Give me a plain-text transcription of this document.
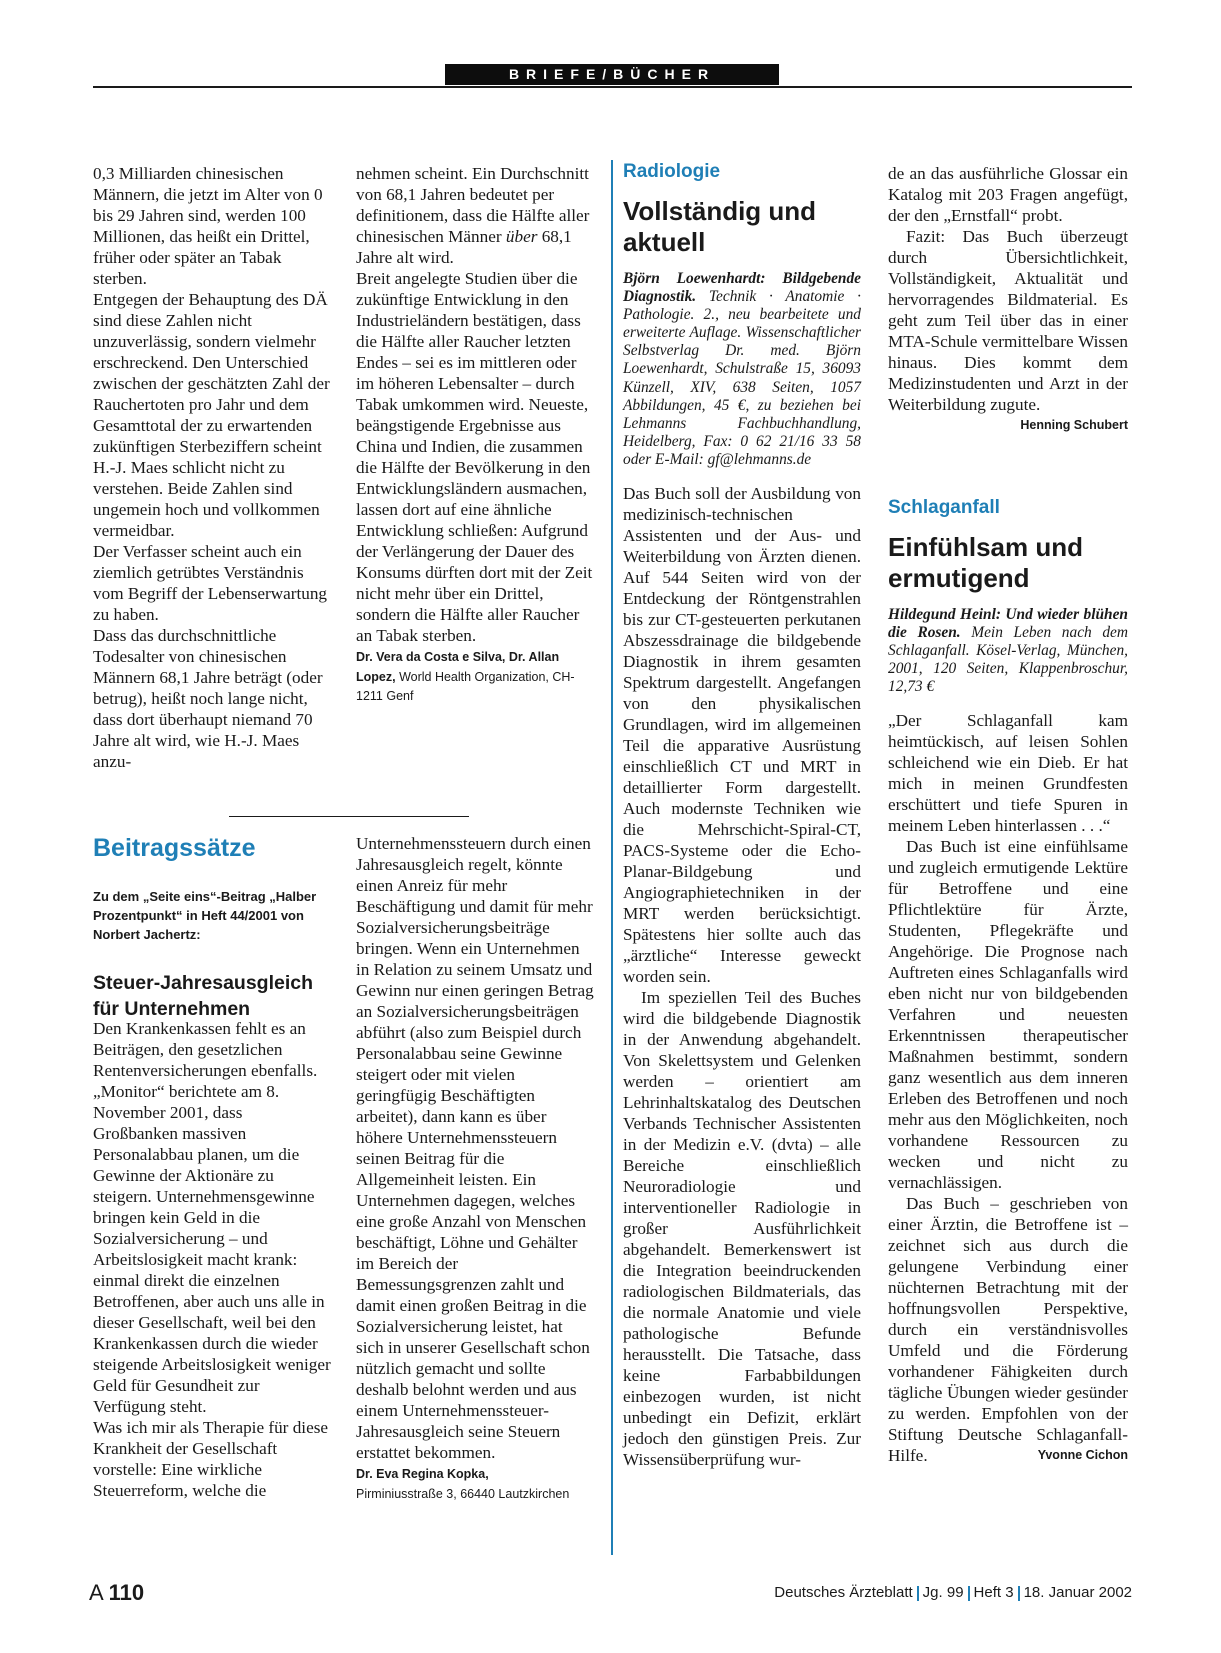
BRIEFE/BÜCHER

0,3 Milliarden chinesischen Männern, die jetzt im Alter von 0 bis 29 Jahren sind, werden 100 Millionen, das heißt ein Drittel, früher oder später an Tabak sterben.

Entgegen der Behauptung des DÄ sind diese Zahlen nicht unzuverlässig, sondern vielmehr erschreckend. Den Unterschied zwischen der geschätzten Zahl der Rauchertoten pro Jahr und dem Gesamttotal der zu erwartenden zukünftigen Sterbeziffern scheint H.-J. Maes schlicht nicht zu verstehen. Beide Zahlen sind ungemein hoch und vollkommen vermeidbar.

Der Verfasser scheint auch ein ziemlich getrübtes Verständnis vom Begriff der Lebenserwartung zu haben.

Dass das durchschnittliche Todesalter von chinesischen Männern 68,1 Jahre beträgt (oder betrug), heißt noch lange nicht, dass dort überhaupt niemand 70 Jahre alt wird, wie H.-J. Maes anzu-

nehmen scheint. Ein Durchschnitt von 68,1 Jahren bedeutet per definitionem, dass die Hälfte aller chinesischen Männer über 68,1 Jahre alt wird.

Breit angelegte Studien über die zukünftige Entwicklung in den Industrieländern bestätigen, dass die Hälfte aller Raucher letzten Endes – sei es im mittleren oder im höheren Lebensalter – durch Tabak umkommen wird. Neueste, beängstigende Ergebnisse aus China und Indien, die zusammen die Hälfte der Bevölkerung in den Entwicklungsländern ausmachen, lassen dort auf eine ähnliche Entwicklung schließen: Aufgrund der Verlängerung der Dauer des Konsums dürften dort mit der Zeit nicht mehr über ein Drittel, sondern die Hälfte aller Raucher an Tabak sterben.

Dr. Vera da Costa e Silva, Dr. Allan Lopez, World Health Organization, CH-1211 Genf
Beitragssätze
Zu dem „Seite eins“-Beitrag „Halber Prozentpunkt“ in Heft 44/2001 von Norbert Jachertz:
Steuer-Jahresausgleich für Unternehmen

Den Krankenkassen fehlt es an Beiträgen, den gesetzlichen Rentenversicherungen ebenfalls. „Monitor“ berichtete am 8. November 2001, dass Großbanken massiven Personalabbau planen, um die Gewinne der Aktionäre zu steigern. Unternehmensgewinne bringen kein Geld in die Sozialversicherung – und Arbeitslosigkeit macht krank: einmal direkt die einzelnen Betroffenen, aber auch uns alle in dieser Gesellschaft, weil bei den Krankenkassen durch die wieder steigende Arbeitslosigkeit weniger Geld für Gesundheit zur Verfügung steht.

Was ich mir als Therapie für diese Krankheit der Gesellschaft vorstelle: Eine wirkliche Steuerreform, welche die

Unternehmenssteuern durch einen Jahresausgleich regelt, könnte einen Anreiz für mehr Beschäftigung und damit für mehr Sozialversicherungsbeiträge bringen. Wenn ein Unternehmen in Relation zu seinem Umsatz und Gewinn nur einen geringen Betrag an Sozialversicherungsbeiträgen abführt (also zum Beispiel durch Personalabbau seine Gewinne steigert oder mit vielen geringfügig Beschäftigten arbeitet), dann kann es über höhere Unternehmenssteuern seinen Beitrag für die Allgemeinheit leisten. Ein Unternehmen dagegen, welches eine große Anzahl von Menschen beschäftigt, Löhne und Gehälter im Bereich der Bemessungsgrenzen zahlt und damit einen großen Beitrag in die Sozialversicherung leistet, hat sich in unserer Gesellschaft schon nützlich gemacht und sollte deshalb belohnt werden und aus einem Unternehmenssteuer-Jahresausgleich seine Steuern erstattet bekommen.

Dr. Eva Regina Kopka,
Pirminiusstraße 3, 66440 Lautzkirchen
Radiologie
Vollständig und aktuell
Björn Loewenhardt: Bildgebende Diagnostik. Technik · Anatomie · Pathologie. 2., neu bearbeitete und erweiterte Auflage. Wissenschaftlicher Selbstverlag Dr. med. Björn Loewenhardt, Schulstraße 15, 36093 Künzell, XIV, 638 Seiten, 1057 Abbildungen, 45 €, zu beziehen bei Lehmanns Fachbuchhandlung, Heidelberg, Fax: 0 62 21/16 33 58 oder E-Mail: gf@lehmanns.de

Das Buch soll der Ausbildung von medizinisch-technischen Assistenten und der Aus- und Weiterbildung von Ärzten dienen. Auf 544 Seiten wird von der Entdeckung der Röntgenstrahlen bis zur CT-gesteuerten perkutanen Abszessdrainage die bildgebende Diagnostik in ihrem gesamten Spektrum dargestellt. Angefangen von den physikalischen Grundlagen, wird im allgemeinen Teil die apparative Ausrüstung einschließlich CT und MRT in detaillierter Form dargestellt. Auch modernste Techniken wie die Mehrschicht-Spiral-CT, PACS-Systeme oder die Echo-Planar-Bildgebung und Angiographietechniken in der MRT werden berücksichtigt. Spätestens hier sollte auch das „ärztliche“ Interesse geweckt worden sein.

Im speziellen Teil des Buches wird die bildgebende Diagnostik in der Anwendung abgehandelt. Von Skelettsystem und Gelenken werden – orientiert am Lehrinhaltskatalog des Deutschen Verbands Technischer Assistenten in der Medizin e.V. (dvta) – alle Bereiche einschließlich Neuroradiologie und interventioneller Radiologie in großer Ausführlichkeit abgehandelt. Bemerkenswert ist die Integration beeindruckenden radiologischen Bildmaterials, das die normale Anatomie und viele pathologische Befunde herausstellt. Die Tatsache, dass keine Farbabbildungen einbezogen wurden, ist nicht unbedingt ein Defizit, erklärt jedoch den günstigen Preis. Zur Wissensüberprüfung wur-

de an das ausführliche Glossar ein Katalog mit 203 Fragen angefügt, der den „Ernstfall“ probt.

Fazit: Das Buch überzeugt durch Übersichtlichkeit, Vollständigkeit, Aktualität und hervorragendes Bildmaterial. Es geht zum Teil über das in einer MTA-Schule vermittelbare Wissen hinaus. Dies kommt dem Medizinstudenten und Arzt in der Weiterbildung zugute.
Henning Schubert

Schlaganfall
Einfühlsam und ermutigend
Hildegund Heinl: Und wieder blühen die Rosen. Mein Leben nach dem Schlaganfall. Kösel-Verlag, München, 2001, 120 Seiten, Klappenbroschur, 12,73 €

„Der Schlaganfall kam heimtückisch, auf leisen Sohlen schleichend wie ein Dieb. Er hat mich in meinen Grundfesten erschüttert und tiefe Spuren in meinem Leben hinterlassen . . .“

Das Buch ist eine einfühlsame und zugleich ermutigende Lektüre für Betroffene und eine Pflichtlektüre für Ärzte, Studenten, Pflegekräfte und Angehörige. Die Prognose nach Auftreten eines Schlaganfalls wird eben nicht nur von bildgebenden Verfahren und neuesten Erkenntnissen therapeutischer Maßnahmen bestimmt, sondern ganz wesentlich aus dem inneren Erleben des Betroffenen und noch mehr aus den Möglichkeiten, noch vorhandene Ressourcen zu wecken und nicht zu vernachlässigen.

Das Buch – geschrieben von einer Ärztin, die Betroffene ist – zeichnet sich aus durch die gelungene Verbindung einer nüchternen Betrachtung mit der hoffnungsvollen Perspektive, durch ein verständnisvolles Umfeld und die Förderung vorhandener Fähigkeiten durch tägliche Übungen wieder gesünder zu werden. Empfohlen von der Stiftung Deutsche Schlaganfall-Hilfe.	Yvonne Cichon

A 110	Deutsches Ärzteblatt Jg. 99 Heft 3 18. Januar 2002
